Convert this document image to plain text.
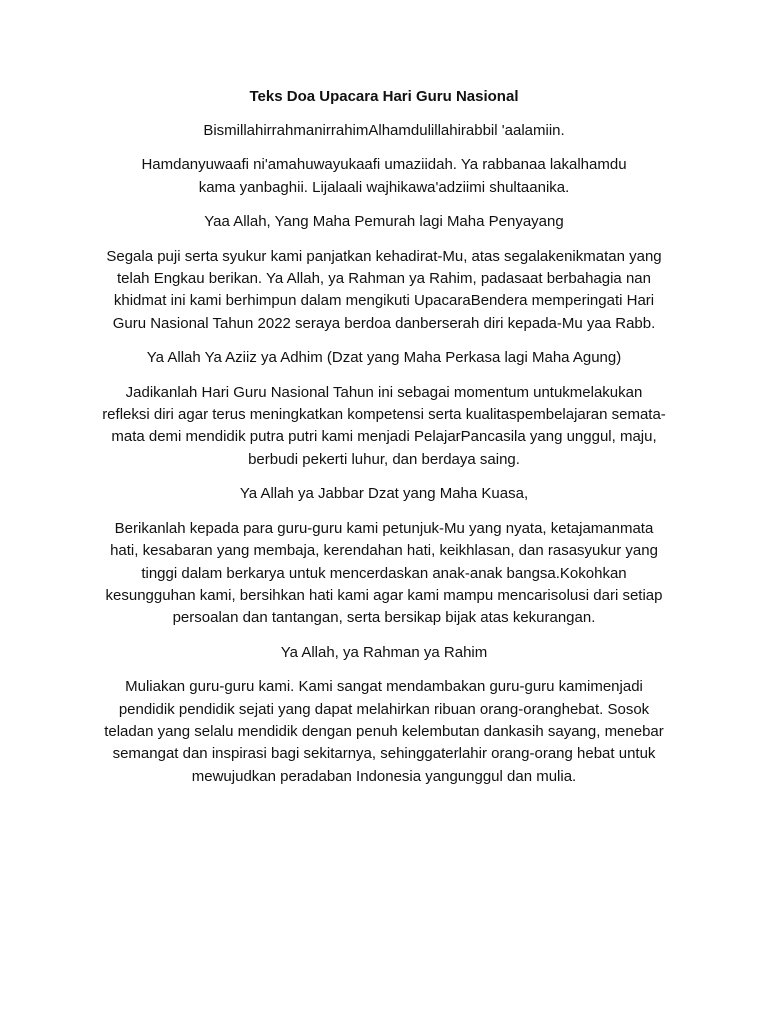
Teks Doa Upacara Hari Guru Nasional
BismillahirrahmanirrahimAlhamdulillahirabbil 'aalamiin.
Hamdanyuwaafi ni'amahuwayukaafi umaziidah. Ya rabbanaa lakalhamdu
kama yanbaghii. Lijalaali wajhikawa'adziimi shultaanika.
Yaa Allah, Yang Maha Pemurah lagi Maha Penyayang
Segala puji serta syukur kami panjatkan kehadirat-Mu, atas segalakenikmatan yang
telah Engkau berikan. Ya Allah, ya Rahman ya Rahim, padasaat berbahagia nan
khidmat ini kami berhimpun dalam mengikuti UpacaraBendera memperingati Hari
Guru Nasional Tahun 2022 seraya berdoa danberserah diri kepada-Mu yaa Rabb.
Ya Allah Ya Aziiz ya Adhim (Dzat yang Maha Perkasa lagi Maha Agung)
Jadikanlah Hari Guru Nasional Tahun ini sebagai momentum untukmelakukan
refleksi diri agar terus meningkatkan kompetensi serta kualitaspembelajaran semata-
mata demi mendidik putra putri kami menjadi PelajarPancasila yang unggul, maju,
berbudi pekerti luhur, dan berdaya saing.
Ya Allah ya Jabbar Dzat yang Maha Kuasa,
Berikanlah kepada para guru-guru kami petunjuk-Mu yang nyata, ketajamanmata
hati, kesabaran yang membaja, kerendahan hati, keikhlasan, dan rasasyukur yang
tinggi dalam berkarya untuk mencerdaskan anak-anak bangsa.Kokohkan
kesungguhan kami, bersihkan hati kami agar kami mampu mencarisolusi dari setiap
persoalan dan tantangan, serta bersikap bijak atas kekurangan.
Ya Allah, ya Rahman ya Rahim
Muliakan guru-guru kami. Kami sangat mendambakan guru-guru kamimenjadi
pendidik pendidik sejati yang dapat melahirkan ribuan orang-oranghebat. Sosok
teladan yang selalu mendidik dengan penuh kelembutan dankasih sayang, menebar
semangat dan inspirasi bagi sekitarnya, sehinggaterlahir orang-orang hebat untuk
mewujudkan peradaban Indonesia yangunggul dan mulia.
